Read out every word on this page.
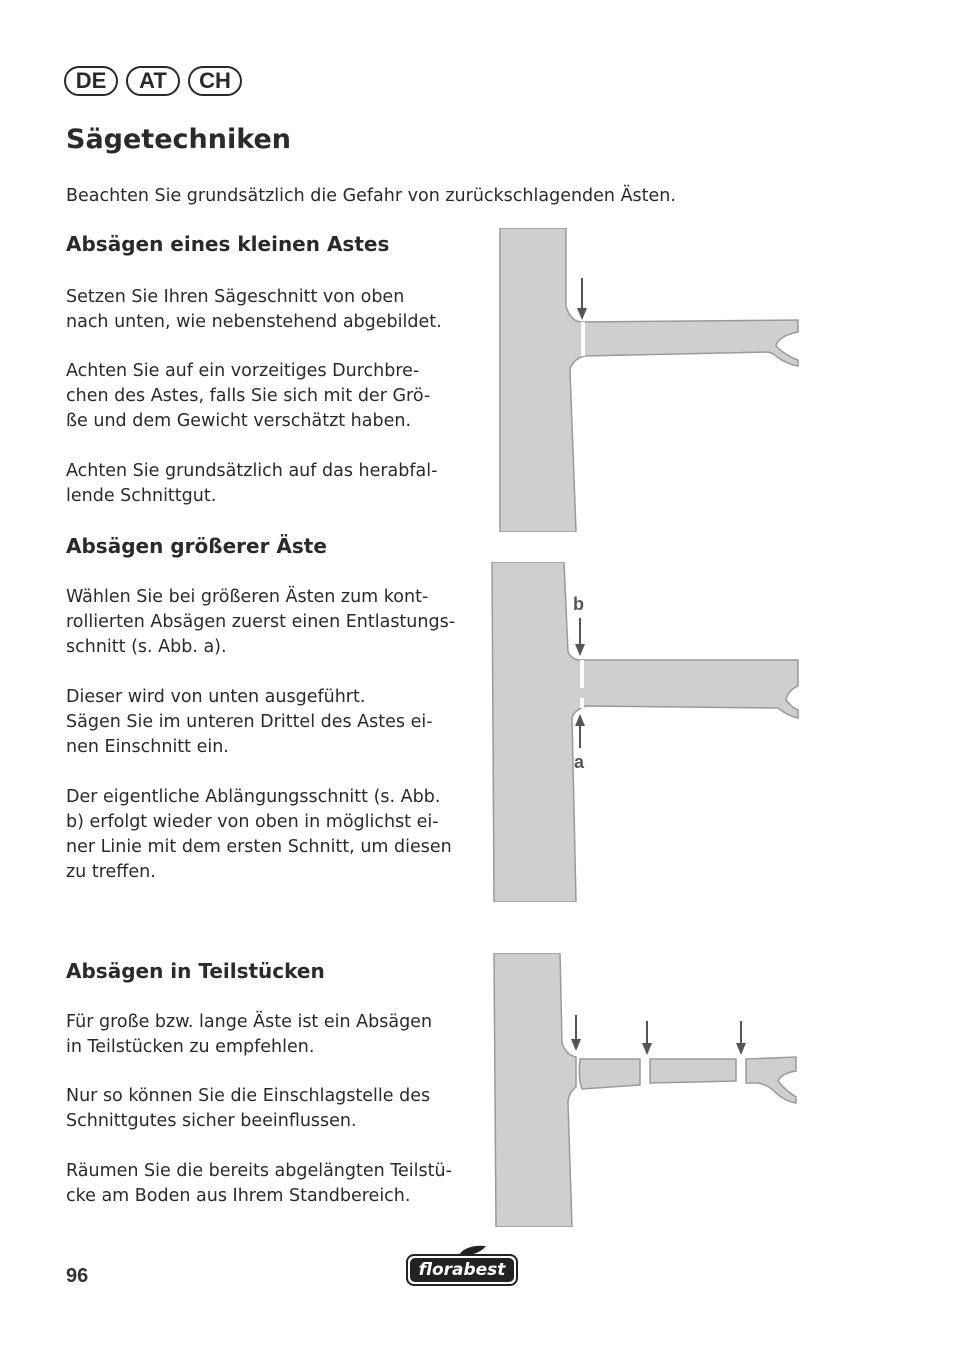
DE	AT	CH
Sägetechniken

Beachten Sie grundsätzlich die Gefahr von zurückschlagenden Ästen.

Absägen eines kleinen Astes

Setzen Sie Ihren Sägeschnitt von oben
nach unten, wie nebenstehend abgebildet.

Achten Sie auf ein vorzeitiges Durchbre-
chen des Astes, falls Sie sich mit der Grö-
ße und dem Gewicht verschätzt haben.

Achten Sie grundsätzlich auf das herabfal-
lende Schnittgut.

Absägen größerer Äste

Wählen Sie bei größeren Ästen zum kont-
rollierten Absägen zuerst einen Entlastungs-
schnitt (s. Abb. a).

Dieser wird von unten ausgeführt.
Sägen Sie im unteren Drittel des Astes ei-
nen Einschnitt ein.

Der eigentliche Ablängungsschnitt (s. Abb.
b) erfolgt wieder von oben in möglichst ei-
ner Linie mit dem ersten Schnitt, um diesen
zu treffen.

b
a
Absägen in Teilstücken

Für große bzw. lange Äste ist ein Absägen
in Teilstücken zu empfehlen.

Nur so können Sie die Einschlagstelle des
Schnittgutes sicher beeinflussen.

Räumen Sie die bereits abgelängten Teilstü-
cke am Boden aus Ihrem Standbereich.

96	florabest
